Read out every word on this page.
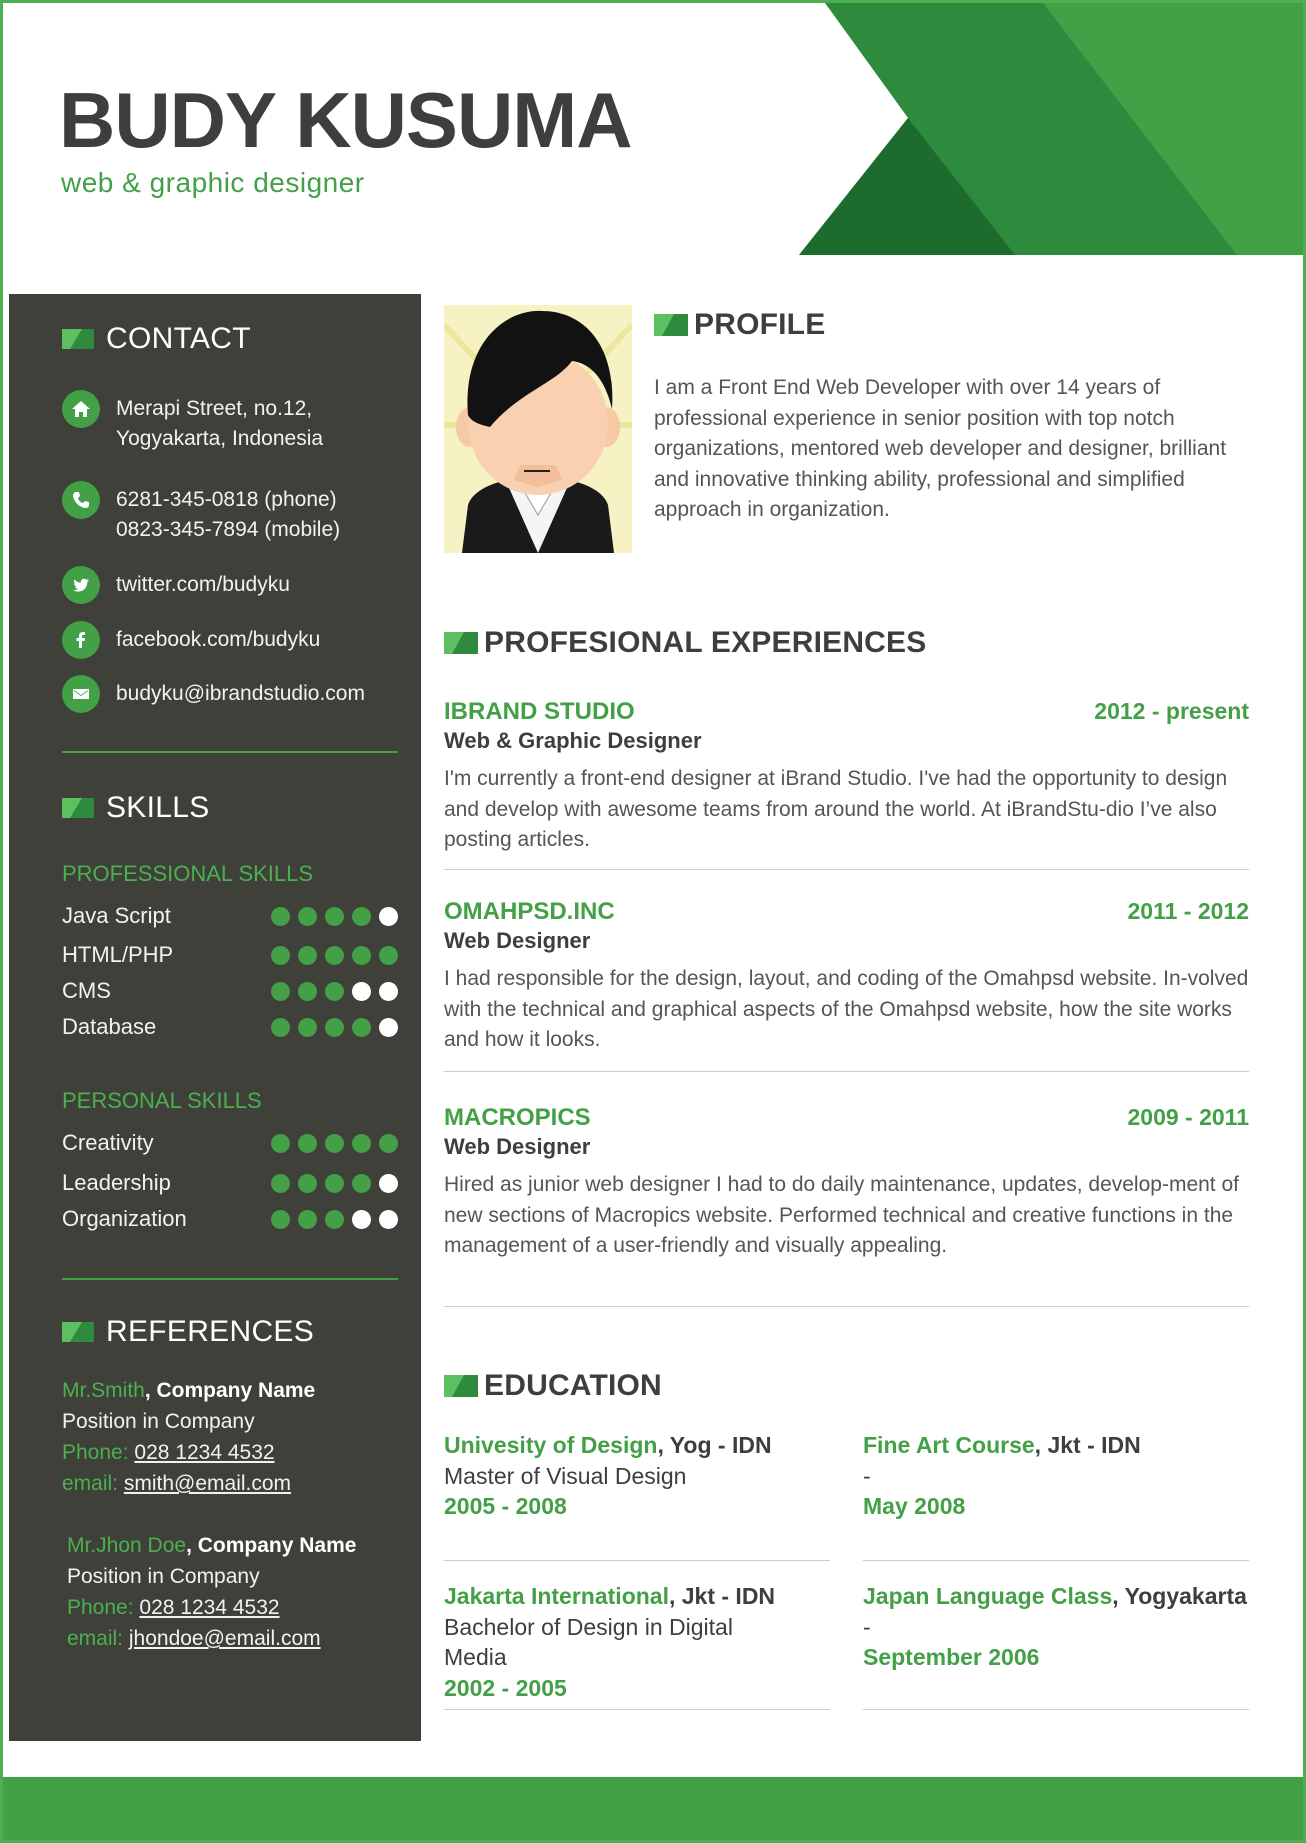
BUDY KUSUMA
web & graphic designer
CONTACT
Merapi Street, no.12,
Yogyakarta, Indonesia
6281-345-0818 (phone)
0823-345-7894 (mobile)
twitter.com/budyku
facebook.com/budyku
budyku@ibrandstudio.com
SKILLS
PROFESSIONAL SKILLS
Java Script
HTML/PHP
CMS
Database
PERSONAL SKILLS
Creativity
Leadership
Organization
REFERENCES
Mr.Smith, Company Name
Position in Company
Phone: 028 1234 4532
email: smith@email.com
Mr.Jhon Doe, Company Name
Position in Company
Phone: 028 1234 4532
email: jhondoe@email.com
PROFILE
I am a Front End Web Developer with over 14 years of professional experience in senior position with top notch organizations, mentored web developer and designer, brilliant and innovative thinking ability, professional and simplified approach in organization.
PROFESIONAL EXPERIENCES
IBRAND STUDIO	2012 - present
Web & Graphic Designer
I'm currently a front-end designer at iBrand Studio. I've had the opportunity to design and develop with awesome teams from around the world. At iBrandStu-dio I’ve also posting articles.
OMAHPSD.INC	2011 - 2012
Web Designer
I had responsible for the design, layout, and coding of the Omahpsd website. In-volved with the technical and graphical aspects of the Omahpsd website, how the site works and how it looks.
MACROPICS	2009 - 2011
Web Designer
Hired as junior web designer I had to do daily maintenance, updates, develop-ment of new sections of Macropics website. Performed technical and creative functions in the management of a user-friendly and visually appealing.
EDUCATION
Univesity of Design, Yog - IDN
Master of Visual Design
2005 - 2008
Fine Art Course, Jkt - IDN
-
May 2008
Jakarta International, Jkt - IDN
Bachelor of Design in Digital Media
2002 - 2005
Japan Language Class, Yogyakarta
-
September 2006
